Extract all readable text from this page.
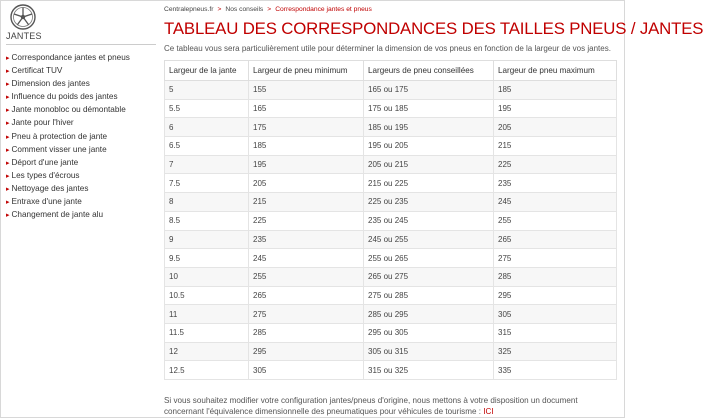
JANTES
▸ Correspondance jantes et pneus
▸ Certificat TUV
▸ Dimension des jantes
▸ Influence du poids des jantes
▸ Jante monobloc ou démontable
▸ Jante pour l'hiver
▸ Pneu à protection de jante
▸ Comment visser une jante
▸ Déport d'une jante
▸ Les types d'écrous
▸ Nettoyage des jantes
▸ Entraxe d'une jante
▸ Changement de jante alu
Centralepneus.fr > Nos conseils > Correspondance jantes et pneus
TABLEAU DES CORRESPONDANCES DES TAILLES PNEUS / JANTES

Ce tableau vous sera particulièrement utile pour déterminer la dimension de vos pneus en fonction de la largeur de vos jantes.

Largeur de la jante	Largeur de pneu minimum	Largeurs de pneu conseillées	Largeur de pneu maximum
5	155	165 ou 175	185
5.5	165	175 ou 185	195
6	175	185 ou 195	205
6.5	185	195 ou 205	215
7	195	205 ou 215	225
7.5	205	215 ou 225	235
8	215	225 ou 235	245
8.5	225	235 ou 245	255
9	235	245 ou 255	265
9.5	245	255 ou 265	275
10	255	265 ou 275	285
10.5	265	275 ou 285	295
11	275	285 ou 295	305
11.5	285	295 ou 305	315
12	295	305 ou 315	325
12.5	305	315 ou 325	335
Si vous souhaitez modifier votre configuration jantes/pneus d'origine, nous mettons à votre disposition un document concernant l'équivalence dimensionnelle des pneumatiques pour véhicules de tourisme : ICI
